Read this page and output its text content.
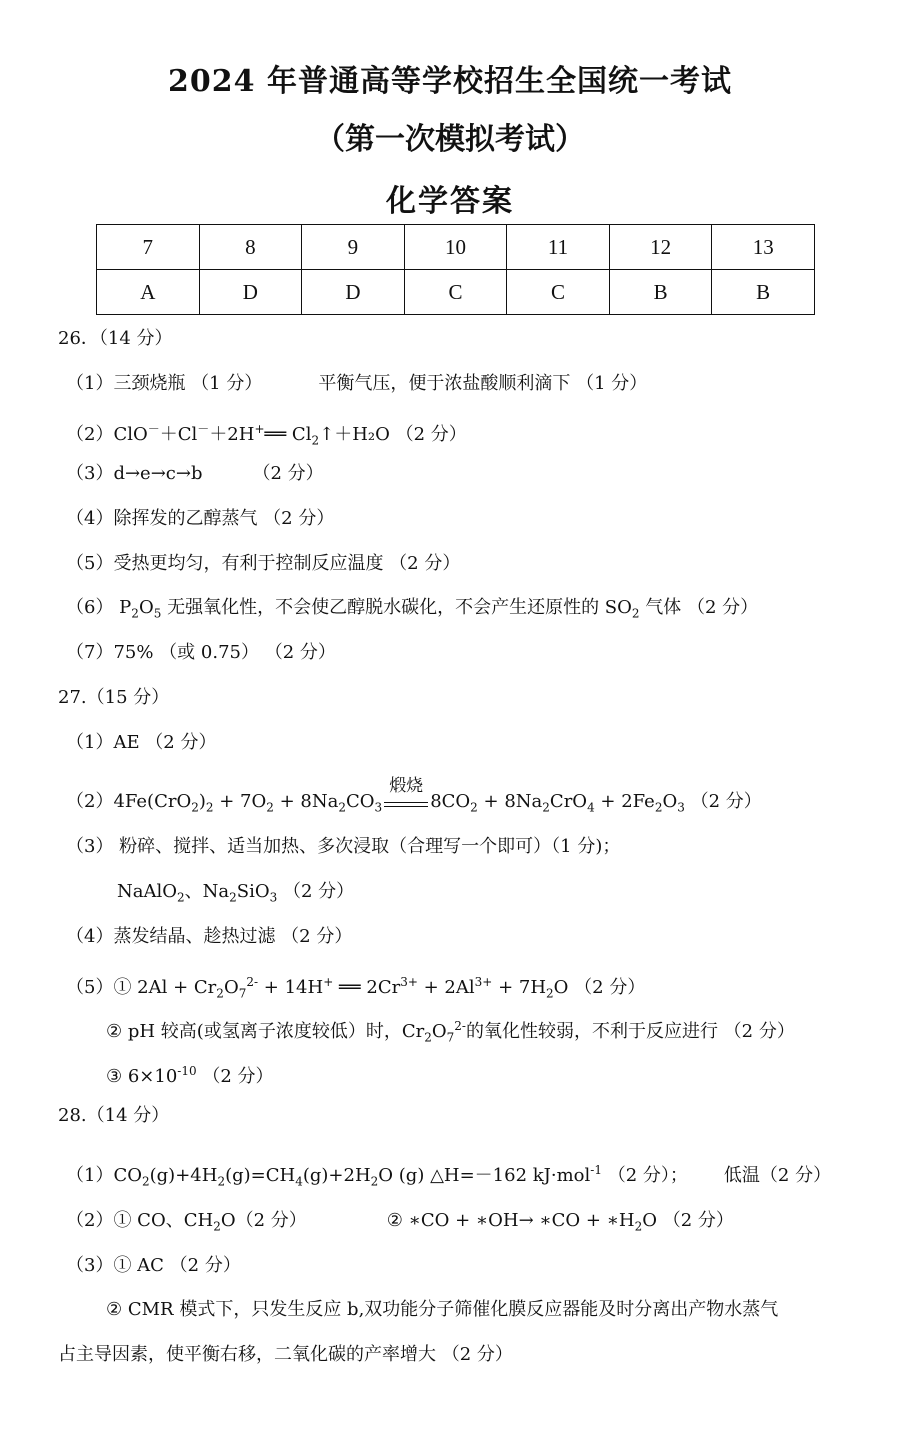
2024 年普通高等学校招生全国统一考试
（第一次模拟考试）
化学答案
7	8	9	10	11	12	13
A	D	D	C	C	B	B
26．（14 分）
（1）三颈烧瓶 （1 分）	平衡气压，便于浓盐酸顺利滴下 （1 分）
（2）ClO－＋Cl－＋2H+══ $Cl_2↑+H_2O$ （2 分）
（3）d→e→c→b	（2 分）
（4）除挥发的乙醇蒸气 （2 分）
（5）受热更均匀，有利于控制反应温度 （2 分）
（6） $P_2O_5$ 无强氧化性，不会使乙醇脱水碳化，不会产生还原性的 $SO_2$ 气体 （2 分）
（7）75% （或 0.75） （2 分）
27.（15 分）
（1）AE （2 分）
$(2)4Fe(CrO_2)_2 + 7O_2 + 8Na_2CO_3$
煅烧
$8CO_2 + 8Na_2CrO_4 + 2Fe_2O_3$ （2 分）
（3） 粉碎、搅拌、适当加热、多次浸取（合理写一个即可）（1 分)；
NaAlO$_2$、$Na_2SiO_3$ （2 分）
（4）蒸发结晶、趁热过滤 （2 分）
（5）① $2Al + Cr_2O_7^{2-} + 14H^+$ ══ $2Cr^{3+} + 2Al^{3+} + 7H_2O$ （2 分）
② pH 较高(或氢离子浓度较低）时，$Cr_2O_7^{2-}$的氧化性较弱，不利于反应进行 （2 分）
③ $6\times 10^{-10}$ （2 分）
28.（14 分）
$(1)CO_2(g)+4H_2(g)=CH_4(g)+2H_2O$ (g) △H=－162 kJ·mol$^{-1}$ （2 分）； 低温（2 分）
（2）① CO、$CH_2O(2$ 分）	② ∗CO + ∗OH→ ∗CO + $∗H_2O$ （2 分）
（3）① AC （2 分）
② CMR 模式下，只发生反应 b,双功能分子筛催化膜反应器能及时分离出产物水蒸气
占主导因素，使平衡右移，二氧化碳的产率增大 （2 分）
